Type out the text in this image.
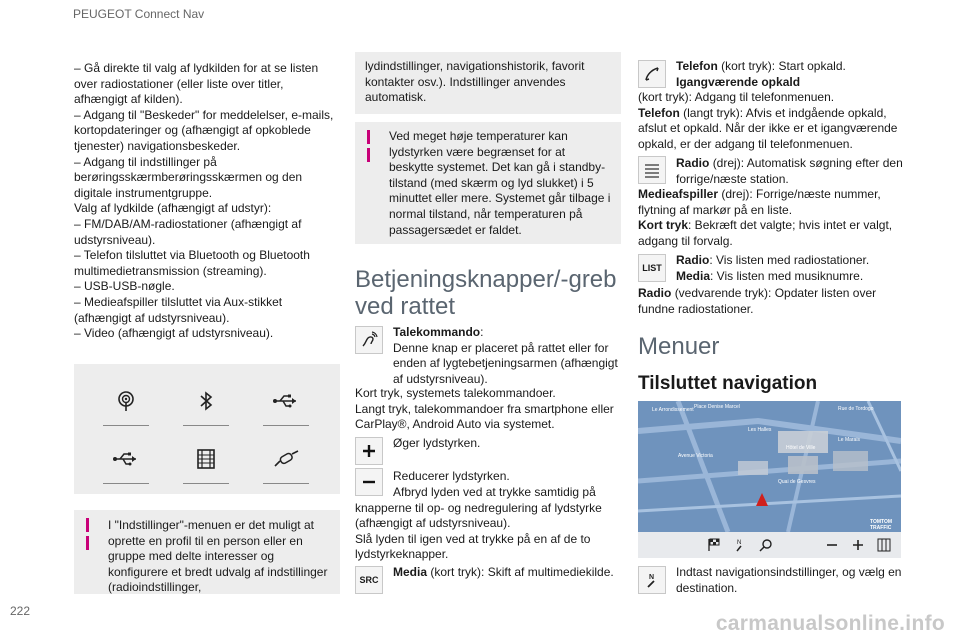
PEUGEOT Connect Nav
222
carmanualsonline.info
– Gå direkte til valg af lydkilden for at se listen over radiostationer (eller liste over titler, afhængigt af kilden).
– Adgang til "Beskeder" for meddelelser, e-mails, kortopdateringer og (afhængigt af opkoblede tjenester) navigationsbeskeder.
– Adgang til indstillinger på berøringsskærmberøringsskærmen og den digitale instrumentgruppe.
Valg af lydkilde (afhængigt af udstyr):
– FM/DAB/AM-radiostationer (afhængigt af udstyrsniveau).
– Telefon tilsluttet via Bluetooth og Bluetooth multimedietransmission (streaming).
– USB-USB-nøgle.
– Medieafspiller tilsluttet via Aux-stikket (afhængigt af udstyrsniveau).
– Video (afhængigt af udstyrsniveau).
I "Indstillinger"-menuen er det muligt at oprette en profil til en person eller en gruppe med delte interesser og konfigurere et bredt udvalg af indstillinger (radioindstillinger,
lydindstillinger, navigationshistorik, favorit kontakter osv.). Indstillinger anvendes automatisk.
Ved meget høje temperaturer kan lydstyrken være begrænset for at beskytte systemet. Det kan gå i standby-tilstand (med skærm og lyd slukket) i 5 minuttet eller mere. Systemet går tilbage i normal tilstand, når temperaturen på passagersædet er faldet.
Betjeningsknapper/-greb ved rattet
Talekommando:
Denne knap er placeret på rattet eller for enden af lygtebetjeningsarmen (afhængigt af udstyrsniveau).
Kort tryk, systemets talekommandoer.
Langt tryk, talekommandoer fra smartphone eller CarPlay®, Android Auto via systemet.
Øger lydstyrken.
Reducerer lydstyrken.
Afbryd lyden ved at trykke samtidig på knapperne til op- og nedregulering af lydstyrke (afhængigt af udstyrsniveau).
Slå lyden til igen ved at trykke på en af de to lydstyrkeknapper.
SRC
Media (kort tryk): Skift af multimediekilde.
Telefon (kort tryk): Start opkald.
Igangværende opkald
(kort tryk): Adgang til telefonmenuen.
Telefon (langt tryk): Afvis et indgående opkald, afslut et opkald. Når der ikke er et igangværende opkald, er der adgang til telefonmenuen.
Radio (drej): Automatisk søgning efter den forrige/næste station.
Medieafspiller (drej): Forrige/næste nummer, flytning af markør på en liste.
Kort tryk: Bekræft det valgte; hvis intet er valgt, adgang til forvalg.
LIST
Radio: Vis listen med radiostationer.
Media: Vis listen med musiknumre.
Radio (vedvarende tryk): Opdater listen over fundne radiostationer.
Menuer
Tilsluttet navigation
Le Arrondissement Place Denise Marcel	Rue de Tordogo
Les Halles
Le Marais
Hôtel de Ville
Avenue Victoria
Quai de Gesvres
TOMTOM TRAFFIC
N
N Indtast navigationsindstillinger, og vælg en destination.
